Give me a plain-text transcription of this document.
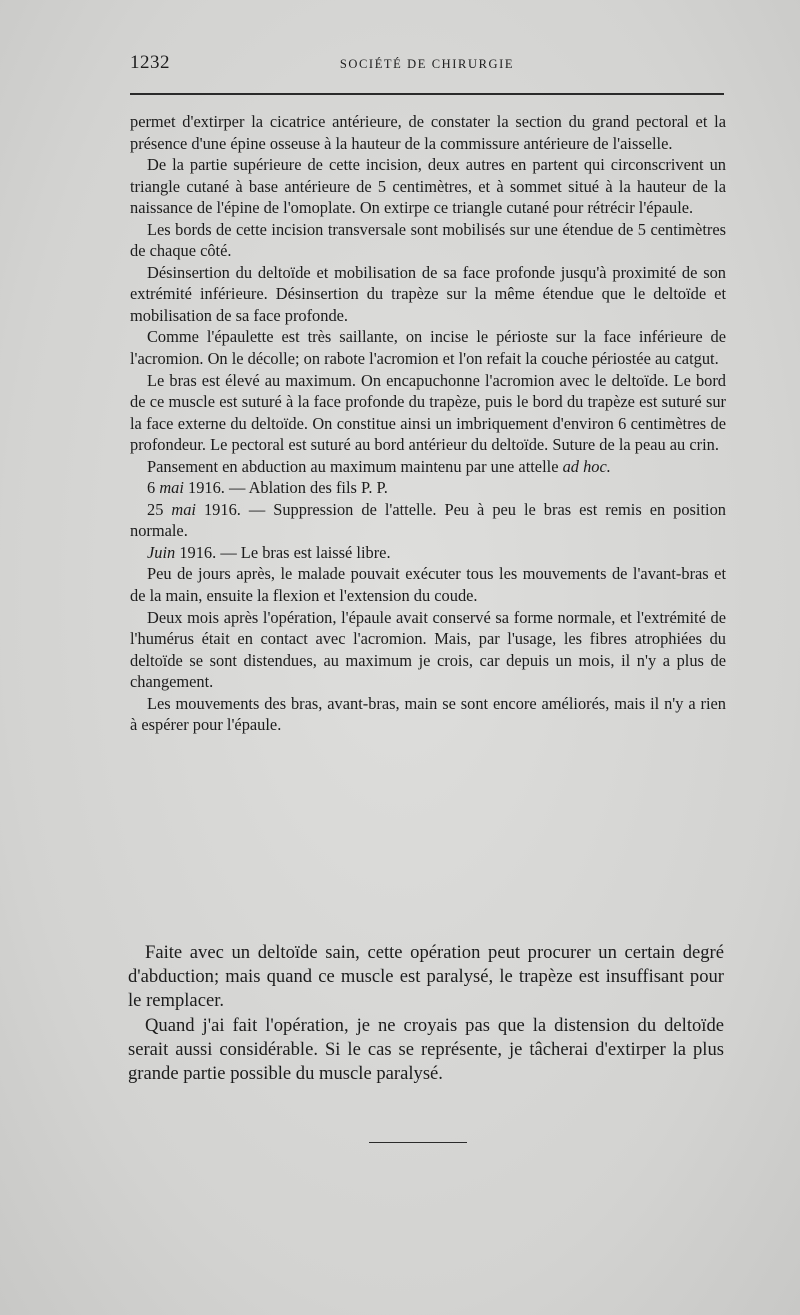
1232	SOCIÉTÉ DE CHIRURGIE

permet d'extirper la cicatrice antérieure, de constater la section du grand pectoral et la présence d'une épine osseuse à la hauteur de la commissure antérieure de l'aisselle.

De la partie supérieure de cette incision, deux autres en partent qui circonscrivent un triangle cutané à base antérieure de 5 centimètres, et à sommet situé à la hauteur de la naissance de l'épine de l'omoplate. On extirpe ce triangle cutané pour rétrécir l'épaule.

Les bords de cette incision transversale sont mobilisés sur une étendue de 5 centimètres de chaque côté.

Désinsertion du deltoïde et mobilisation de sa face profonde jusqu'à proximité de son extrémité inférieure. Désinsertion du trapèze sur la même étendue que le deltoïde et mobilisation de sa face profonde.

Comme l'épaulette est très saillante, on incise le périoste sur la face inférieure de l'acromion. On le décolle; on rabote l'acromion et l'on refait la couche périostée au catgut.

Le bras est élevé au maximum. On encapuchonne l'acromion avec le deltoïde. Le bord de ce muscle est suturé à la face profonde du trapèze, puis le bord du trapèze est suturé sur la face externe du deltoïde. On constitue ainsi un imbriquement d'environ 6 centimètres de profondeur. Le pectoral est suturé au bord antérieur du deltoïde. Suture de la peau au crin.

Pansement en abduction au maximum maintenu par une attelle ad hoc.

6 mai 1916. — Ablation des fils P. P.

25 mai 1916. — Suppression de l'attelle. Peu à peu le bras est remis en position normale.

Juin 1916. — Le bras est laissé libre.

Peu de jours après, le malade pouvait exécuter tous les mouvements de l'avant-bras et de la main, ensuite la flexion et l'extension du coude.

Deux mois après l'opération, l'épaule avait conservé sa forme normale, et l'extrémité de l'humérus était en contact avec l'acromion. Mais, par l'usage, les fibres atrophiées du deltoïde se sont distendues, au maximum je crois, car depuis un mois, il n'y a plus de changement.

Les mouvements des bras, avant-bras, main se sont encore améliorés, mais il n'y a rien à espérer pour l'épaule.

Faite avec un deltoïde sain, cette opération peut procurer un certain degré d'abduction; mais quand ce muscle est paralysé, le trapèze est insuffisant pour le remplacer.

Quand j'ai fait l'opération, je ne croyais pas que la distension du deltoïde serait aussi considérable. Si le cas se représente, je tâcherai d'extirper la plus grande partie possible du muscle paralysé.
